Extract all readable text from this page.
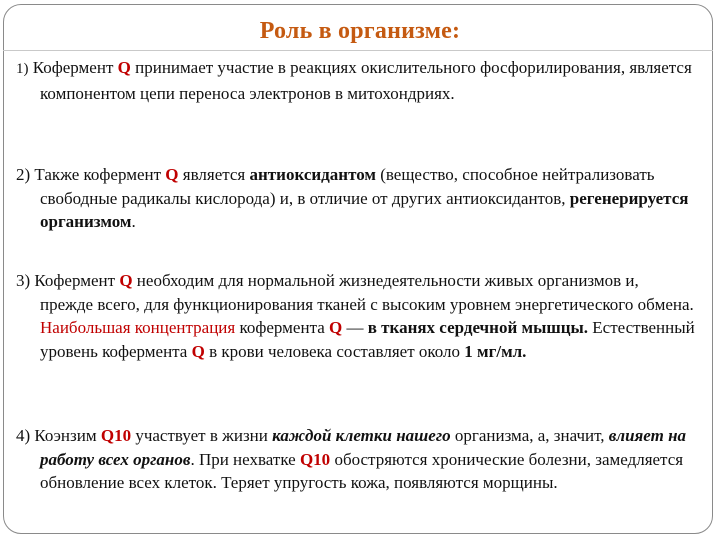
Роль в организме:
1) Кофермент Q принимает участие в реакциях окислительного фосфорилирования, является компонентом цепи переноса электронов в митохондриях.
2) Также кофермент Q является антиоксидантом (вещество, способное нейтрализовать свободные радикалы кислорода) и, в отличие от других антиоксидантов, регенерируется организмом.
3) Кофермент Q необходим для нормальной жизнедеятельности живых организмов и, прежде всего, для функционирования тканей с высоким уровнем энергетического обмена. Наибольшая концентрация кофермента Q — в тканях сердечной мышцы. Естественный уровень кофермента Q в крови человека составляет около 1 мг/мл.
4) Коэнзим Q10 участвует в жизни каждой клетки нашего организма, а, значит, влияет на работу всех органов. При нехватке Q10 обостряются хронические болезни, замедляется обновление всех клеток. Теряет упругость кожа, появляются морщины.
